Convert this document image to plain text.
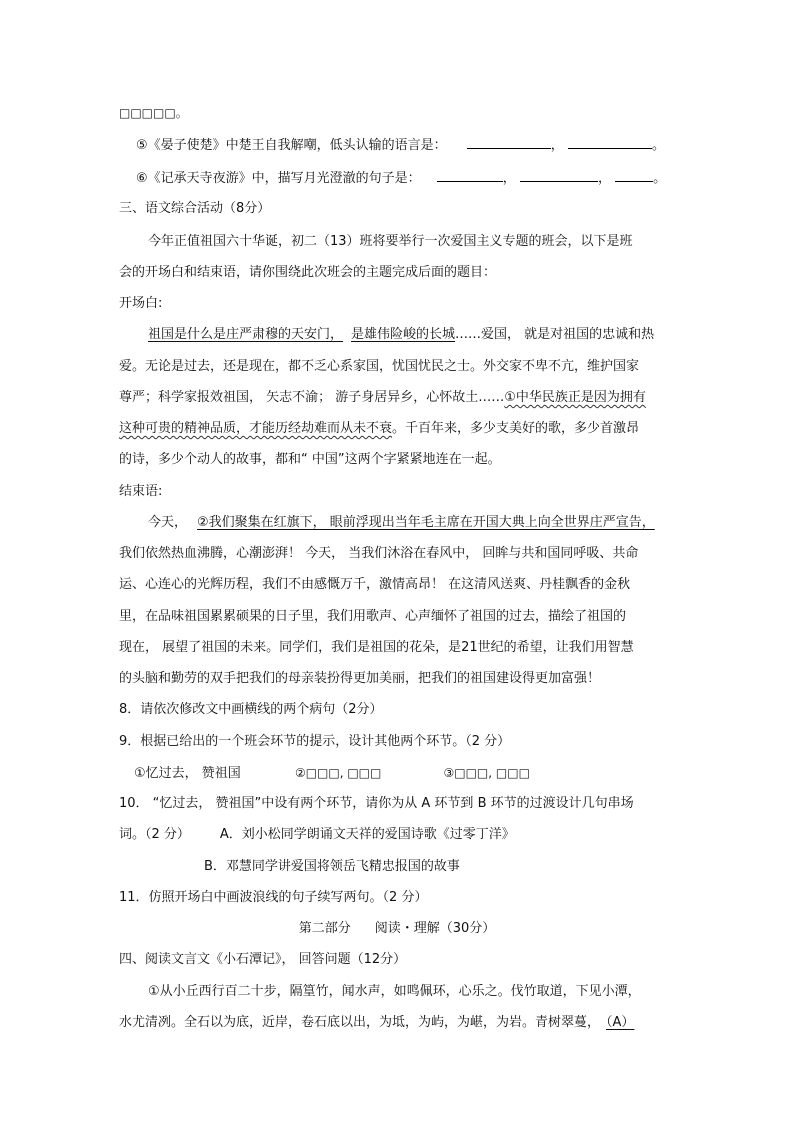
□□□□□。
⑤《晏子使楚》中楚王自我解嘲，低头认输的语言是：	，	。
⑥《记承天寺夜游》中，描写月光澄澈的句子是：	，	，	。
三、语文综合活动（8分）
今年正值祖国六十华诞，初二（13）班将要举行一次爱国主义专题的班会，以下是班
会的开场白和结束语，请你围绕此次班会的主题完成后面的题目：
开场白:
祖国是什么是庄严肃穆的天安门， 是雄伟险峻的长城……爱国， 就是对祖国的忠诚和热
爱。无论是过去，还是现在，都不乏心系家国，忧国忧民之士。外交家不卑不亢，维护国家
尊严；科学家报效祖国， 矢志不渝； 游子身居异乡，心怀故土……①中华民族正是因为拥有
这种可贵的精神品质，才能历经劫难而从未不衰。千百年来，多少支美好的歌，多少首激昂
的诗，多少个动人的故事，都和“ 中国”这两个字紧紧地连在一起。
结束语:
今天， ②我们聚集在红旗下， 眼前浮现出当年毛主席在开国大典上向全世界庄严宣告，
我们依然热血沸腾，心潮澎湃！ 今天， 当我们沐浴在春风中， 回眸与共和国同呼吸、共命
运、心连心的光辉历程，我们不由感慨万千，激情高昂！ 在这清风送爽、丹桂飘香的金秋
里，在品味祖国累累硕果的日子里，我们用歌声、心声缅怀了祖国的过去，描绘了祖国的
现在， 展望了祖国的未来。同学们，我们是祖国的花朵，是21世纪的希望，让我们用智慧
的头脑和勤劳的双手把我们的母亲装扮得更加美丽，把我们的祖国建设得更加富强！
8．请依次修改文中画横线的两个病句（2分）
9．根据已给出的一个班会环节的提示，设计其他两个环节。（2 分）
①忆过去， 赞祖国	②□□□, □□□	③□□□, □□□
10． “忆过去， 赞祖国”中设有两个环节，请你为从 A 环节到 B 环节的过渡设计几句串场
词。（2 分） A．刘小松同学朗诵文天祥的爱国诗歌《过零丁洋》
B．邓慧同学讲爱国将领岳飞精忠报国的故事
11．仿照开场白中画波浪线的句子续写两句。（2 分）
第二部分 阅读・理解（30分）
四、阅读文言文《小石潭记》， 回答问题（12分）
①从小丘西行百二十步，隔篁竹，闻水声，如鸣佩环，心乐之。伐竹取道，下见小潭，
水尤清冽。全石以为底，近岸，卷石底以出，为坻，为屿，为嵁，为岩。青树翠蔓， （A）
